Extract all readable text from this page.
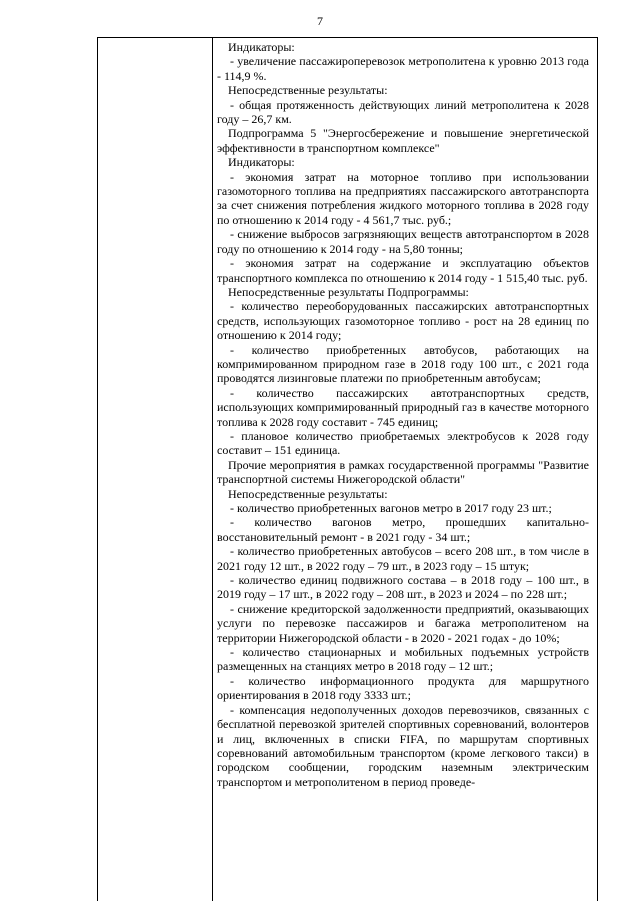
7

Индикаторы:

- увеличение пассажироперевозок метрополитена к уровню 2013 года - 114,9 %.

Непосредственные результаты:

- общая протяженность действующих линий метрополитена к 2028 году – 26,7 км.

Подпрограмма 5 "Энергосбережение и повышение энергетической эффективности в транспортном комплексе"

Индикаторы:

- экономия затрат на моторное топливо при использовании газомоторного топлива на предприятиях пассажирского автотранспорта за счет снижения потребления жидкого моторного топлива в 2028 году по отношению к 2014 году - 4 561,7 тыс. руб.;

- снижение выбросов загрязняющих веществ автотранспортом в 2028 году по отношению к 2014 году - на 5,80 тонны;

- экономия затрат на содержание и эксплуатацию объектов транспортного комплекса по отношению к 2014 году - 1 515,40 тыс. руб.

Непосредственные результаты Подпрограммы:

- количество переоборудованных пассажирских автотранспортных средств, использующих газомоторное топливо - рост на 28 единиц по отношению к 2014 году;

- количество приобретенных автобусов, работающих на компримированном природном газе в 2018 году 100 шт., с 2021 года проводятся лизинговые платежи по приобретенным автобусам;

- количество пассажирских автотранспортных средств, использующих компримированный природный газ в качестве моторного топлива к 2028 году составит - 745 единиц;

- плановое количество приобретаемых электробусов к 2028 году составит – 151 единица.

Прочие мероприятия в рамках государственной программы "Развитие транспортной системы Нижегородской области"

Непосредственные результаты:

- количество приобретенных вагонов метро в 2017 году 23 шт.;

- количество вагонов метро, прошедших капитально-восстановительный ремонт - в 2021 году - 34 шт.;

- количество приобретенных автобусов – всего 208 шт., в том числе в 2021 году 12 шт., в 2022 году – 79 шт., в 2023 году – 15 штук;

- количество единиц подвижного состава – в 2018 году – 100 шт., в 2019 году – 17 шт., в 2022 году – 208 шт., в 2023 и 2024 – по 228 шт.;

- снижение кредиторской задолженности предприятий, оказывающих услуги по перевозке пассажиров и багажа метрополитеном на территории Нижегородской области - в 2020 - 2021 годах - до 10%;

- количество стационарных и мобильных подъемных устройств размещенных на станциях метро в 2018 году – 12 шт.;

- количество информационного продукта для маршрутного ориентирования в 2018 году 3333 шт.;

- компенсация недополученных доходов перевозчиков, связанных с бесплатной перевозкой зрителей спортивных соревнований, волонтеров и лиц, включенных в списки FIFA, по маршрутам спортивных соревнований автомобильным транспортом (кроме легкового такси) в городском сообщении, городским наземным электрическим транспортом и метрополитеном в период проведе-
